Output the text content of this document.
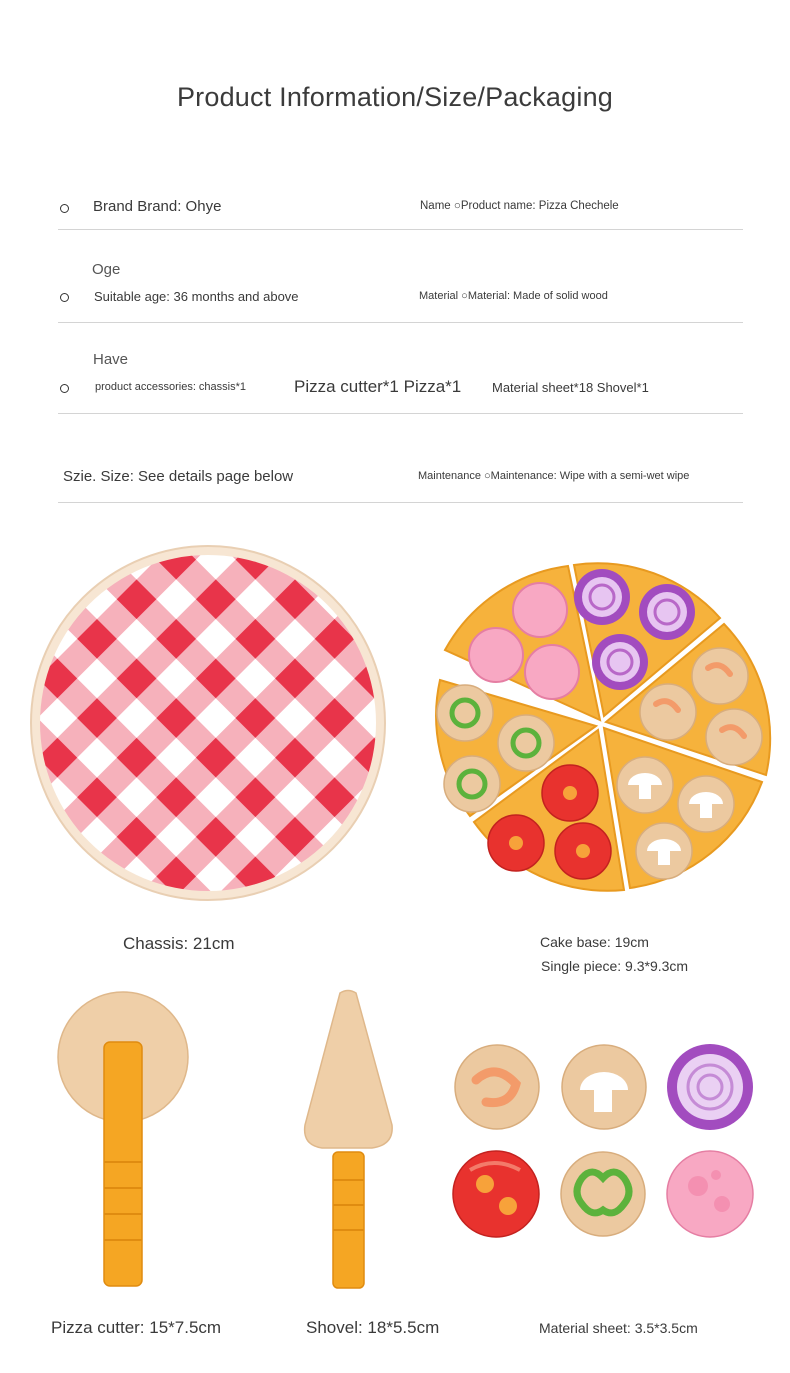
Product Information/Size/Packaging
Brand Brand: Ohye	Name ○Product name: Pizza Chechele
Oge
Suitable age: 36 months and above	Material ○Material: Made of solid wood
Have
product accessories: chassis*1	Pizza cutter*1 Pizza*1 Material sheet*18 Shovel*1
Szie. Size: See details page below	Maintenance ○Maintenance: Wipe with a semi-wet wipe
Chassis: 21cm	Cake base: 19cm
Single piece: 9.3*9.3cm
Pizza cutter: 15*7.5cm	Shovel: 18*5.5cm	Material sheet: 3.5*3.5cm
